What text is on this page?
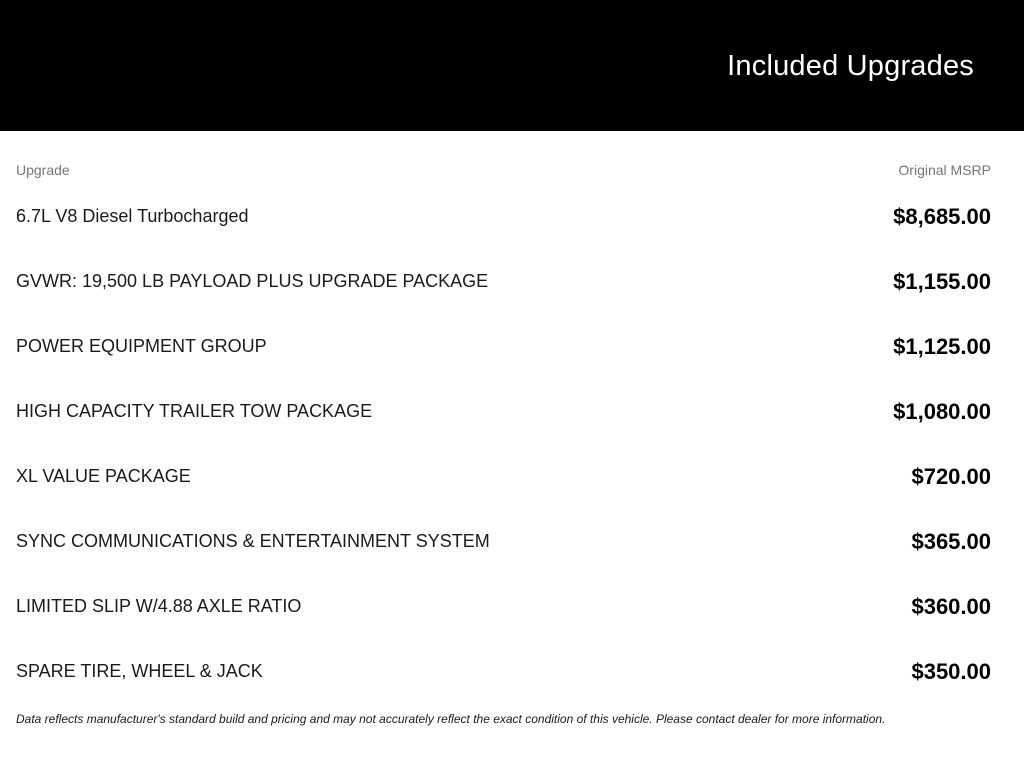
Included Upgrades
Upgrade	Original MSRP
6.7L V8 Diesel Turbocharged	$8,685.00
GVWR: 19,500 LB PAYLOAD PLUS UPGRADE PACKAGE	$1,155.00
POWER EQUIPMENT GROUP	$1,125.00
HIGH CAPACITY TRAILER TOW PACKAGE	$1,080.00
XL VALUE PACKAGE	$720.00
SYNC COMMUNICATIONS & ENTERTAINMENT SYSTEM	$365.00
LIMITED SLIP W/4.88 AXLE RATIO	$360.00
SPARE TIRE, WHEEL & JACK	$350.00
Data reflects manufacturer's standard build and pricing and may not accurately reflect the exact condition of this vehicle. Please contact dealer for more information.
